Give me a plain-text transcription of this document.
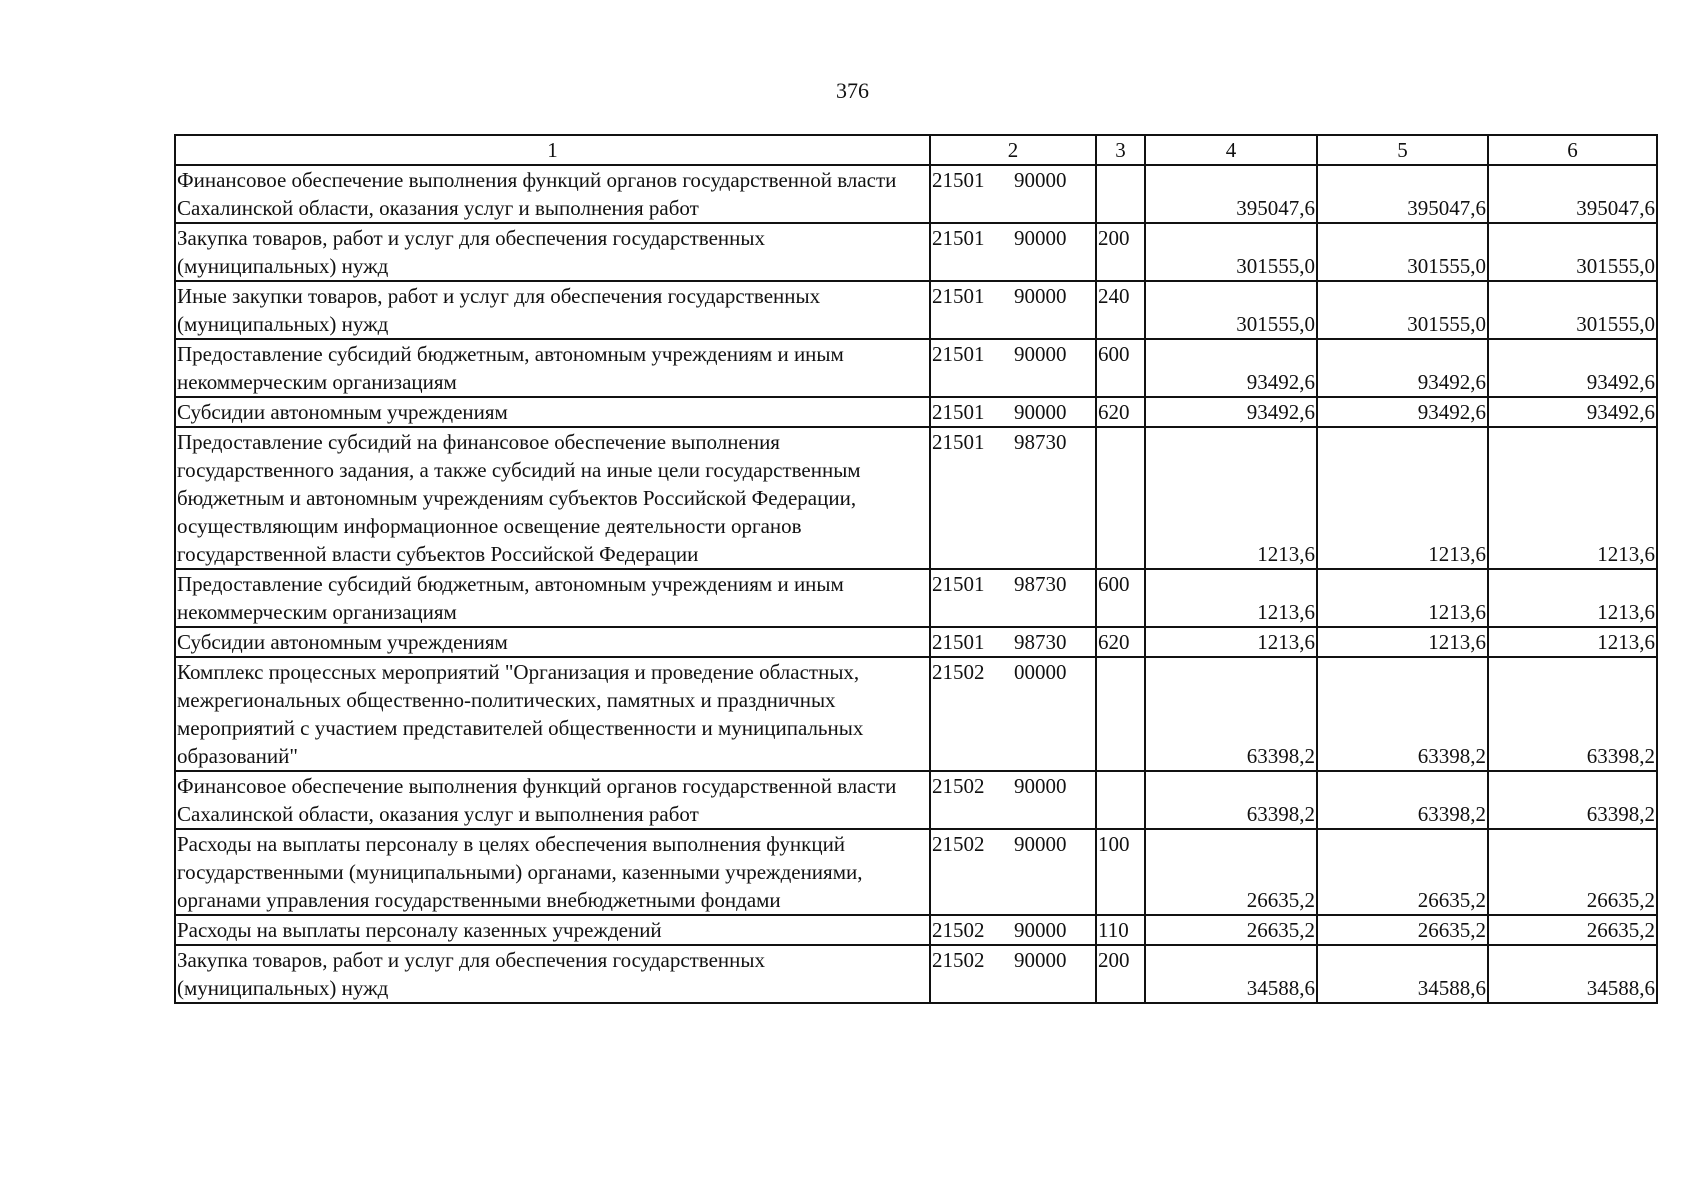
376
1	2	3	4	5	6
Финансовое обеспечение выполнения функций органов государственной власти Сахалинской области, оказания услуг и выполнения работ	21501 90000		395047,6	395047,6	395047,6
Закупка товаров, работ и услуг для обеспечения государственных (муниципальных) нужд	21501 90000	200	301555,0	301555,0	301555,0
Иные закупки товаров, работ и услуг для обеспечения государственных (муниципальных) нужд	21501 90000	240	301555,0	301555,0	301555,0
Предоставление субсидий бюджетным, автономным учреждениям и иным некоммерческим организациям	21501 90000	600	93492,6	93492,6	93492,6
Субсидии автономным учреждениям	21501 90000	620	93492,6	93492,6	93492,6
Предоставление субсидий на финансовое обеспечение выполнения государственного задания, а также субсидий на иные цели государственным бюджетным и автономным учреждениям субъектов Российской Федерации, осуществляющим информационное освещение деятельности органов государственной власти субъектов Российской Федерации	21501 98730		1213,6	1213,6	1213,6
Предоставление субсидий бюджетным, автономным учреждениям и иным некоммерческим организациям	21501 98730	600	1213,6	1213,6	1213,6
Субсидии автономным учреждениям	21501 98730	620	1213,6	1213,6	1213,6
Комплекс процессных мероприятий "Организация и проведение областных, межрегиональных общественно-политических, памятных и праздничных мероприятий с участием представителей общественности и муниципальных образований"	21502 00000		63398,2	63398,2	63398,2
Финансовое обеспечение выполнения функций органов государственной власти Сахалинской области, оказания услуг и выполнения работ	21502 90000		63398,2	63398,2	63398,2
Расходы на выплаты персоналу в целях обеспечения выполнения функций государственными (муниципальными) органами, казенными учреждениями, органами управления государственными внебюджетными фондами	21502 90000	100	26635,2	26635,2	26635,2
Расходы на выплаты персоналу казенных учреждений	21502 90000	110	26635,2	26635,2	26635,2
Закупка товаров, работ и услуг для обеспечения государственных (муниципальных) нужд	21502 90000	200	34588,6	34588,6	34588,6
